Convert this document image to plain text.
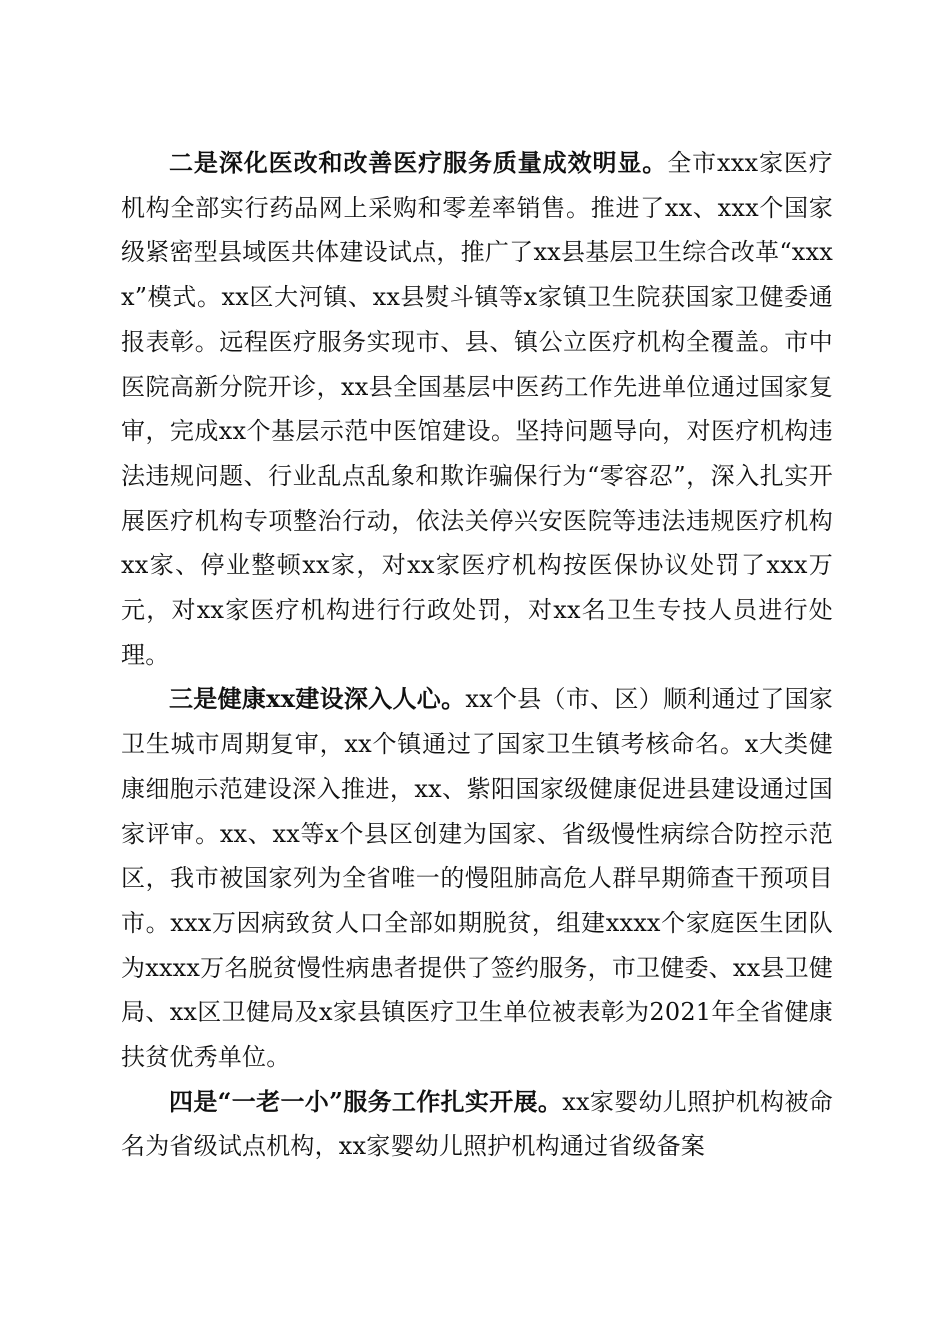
二是深化医改和改善医疗服务质量成效明显。全市xxx家医疗机构全部实行药品网上采购和零差率销售。推进了xx、xxx个国家级紧密型县域医共体建设试点，推广了xx县基层卫生综合改革“xxxx”模式。xx区大河镇、xx县熨斗镇等x家镇卫生院获国家卫健委通报表彰。远程医疗服务实现市、县、镇公立医疗机构全覆盖。市中医院高新分院开诊，xx县全国基层中医药工作先进单位通过国家复审，完成xx个基层示范中医馆建设。坚持问题导向，对医疗机构违法违规问题、行业乱点乱象和欺诈骗保行为“零容忍”，深入扎实开展医疗机构专项整治行动，依法关停兴安医院等违法违规医疗机构xx家、停业整顿xx家，对xx家医疗机构按医保协议处罚了xxx万元，对xx家医疗机构进行行政处罚，对xx名卫生专技人员进行处理。

三是健康xx建设深入人心。xx个县（市、区）顺利通过了国家卫生城市周期复审，xx个镇通过了国家卫生镇考核命名。x大类健康细胞示范建设深入推进，xx、紫阳国家级健康促进县建设通过国家评审。xx、xx等x个县区创建为国家、省级慢性病综合防控示范区，我市被国家列为全省唯一的慢阻肺高危人群早期筛查干预项目市。xxx万因病致贫人口全部如期脱贫，组建xxxx个家庭医生团队为xxxx万名脱贫慢性病患者提供了签约服务，市卫健委、xx县卫健局、xx区卫健局及x家县镇医疗卫生单位被表彰为2021年全省健康扶贫优秀单位。

四是“一老一小”服务工作扎实开展。xx家婴幼儿照护机构被命名为省级试点机构，xx家婴幼儿照护机构通过省级备案
